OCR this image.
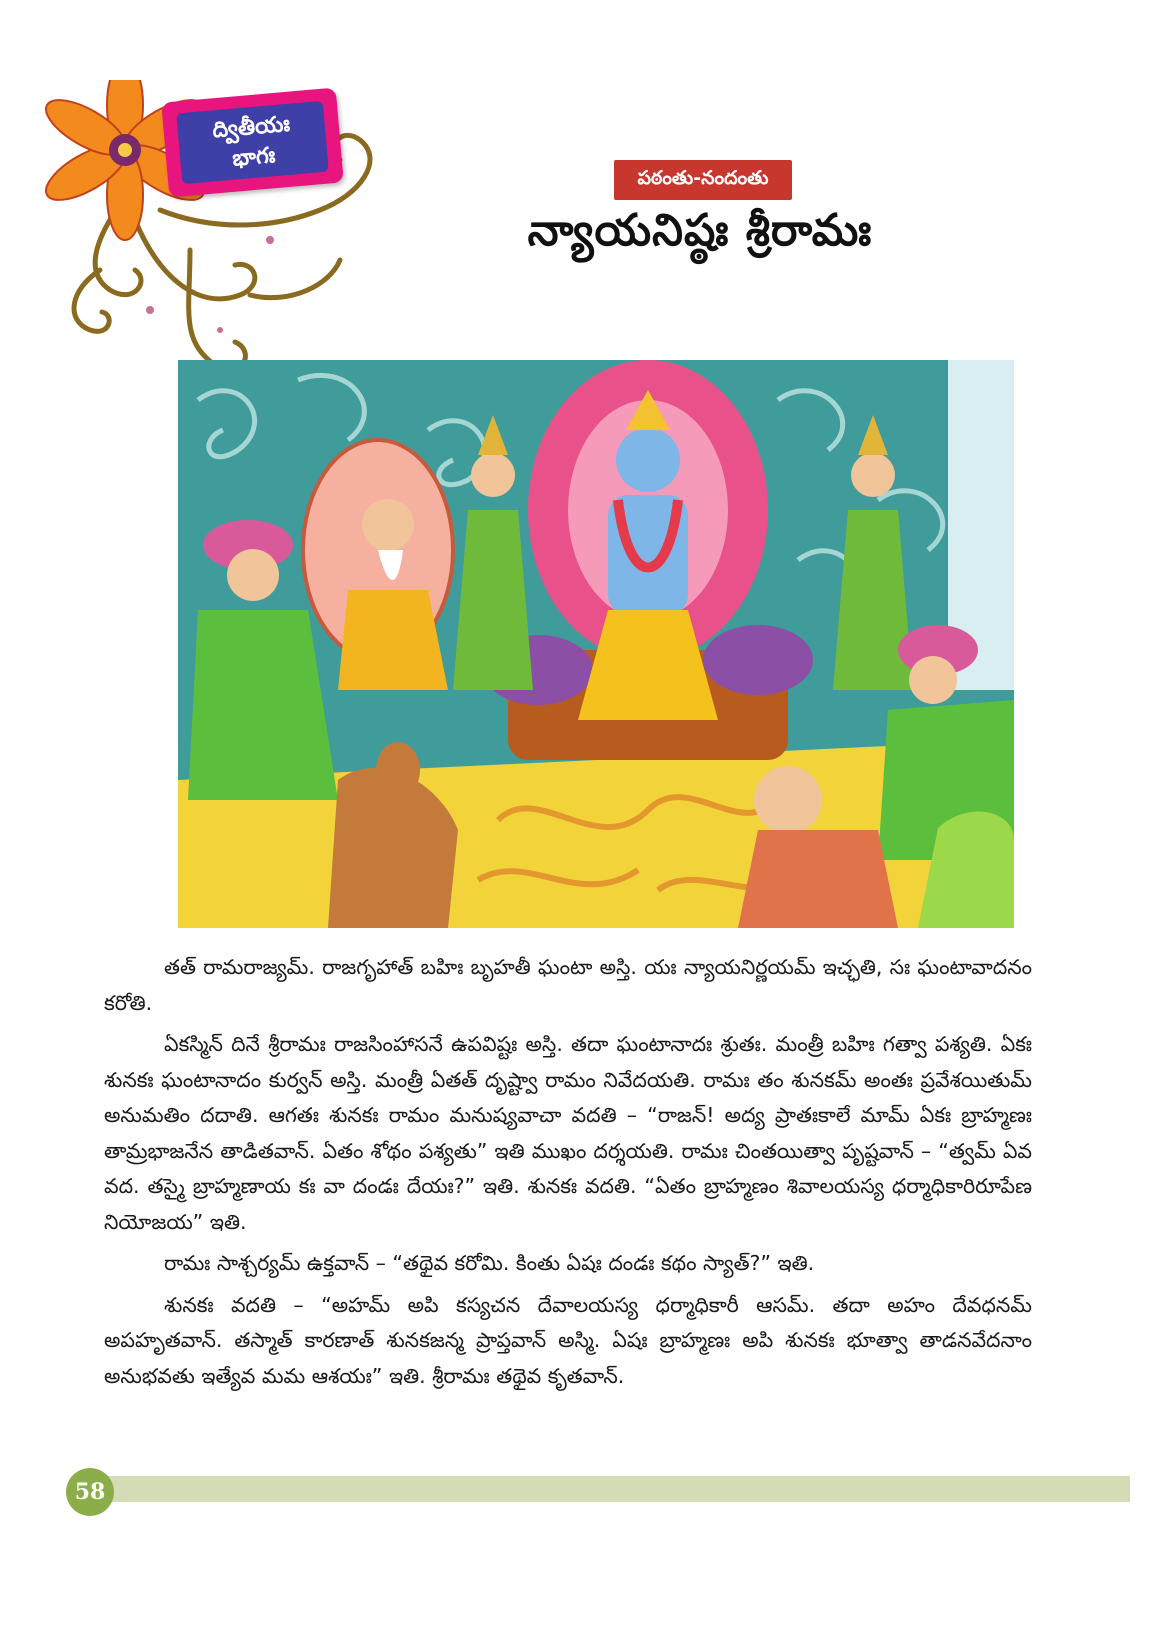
ద్వితీయః
భాగః
పఠంతు-నందంతు
న్యాయనిష్ఠః శ్రీరామః

తత్ రామరాజ్యమ్. రాజగృహాత్ బహిః బృహతీ ఘంటా అస్తి. యః న్యాయనిర్ణయమ్ ఇచ్ఛతి, సః ఘంటావాదనం కరోతి.

ఏకస్మిన్ దినే శ్రీరామః రాజసింహాసనే ఉపవిష్టః అస్తి. తదా ఘంటానాదః శ్రుతః. మంత్రీ బహిః గత్వా పశ్యతి. ఏకః శునకః ఘంటానాదం కుర్వన్ అస్తి. మంత్రీ ఏతత్ దృష్ట్వా రామం నివేదయతి. రామః తం శునకమ్ అంతః ప్రవేశయితుమ్ అనుమతిం దదాతి. ఆగతః శునకః రామం మనుష్యవాచా వదతి – “రాజన్! అద్య ప్రాతఃకాలే మామ్ ఏకః బ్రాహ్మణః తామ్రభాజనేన తాడితవాన్. ఏతం శోథం పశ్యతు” ఇతి ముఖం దర్శయతి. రామః చింతయిత్వా పృష్టవాన్ – “త్వమ్ ఏవ వద. తస్మై బ్రాహ్మణాయ కః వా దండః దేయః?” ఇతి. శునకః వదతి. “ఏతం బ్రాహ్మణం శివాలయస్య ధర్మాధికారిరూపేణ నియోజయ” ఇతి.

రామః సాశ్చర్యమ్ ఉక్తవాన్ – “తథైవ కరోమి. కింతు ఏషః దండః కథం స్యాత్?” ఇతి.

శునకః వదతి – “అహమ్ అపి కస్యచన దేవాలయస్య ధర్మాధికారీ ఆసమ్. తదా అహం దేవధనమ్ అపహృతవాన్. తస్మాత్ కారణాత్ శునకజన్మ ప్రాప్తవాన్ అస్మి. ఏషః బ్రాహ్మణః అపి శునకః భూత్వా తాడనవేదనాం అనుభవతు ఇత్యేవ మమ ఆశయః” ఇతి. శ్రీరామః తథైవ కృతవాన్.

58
